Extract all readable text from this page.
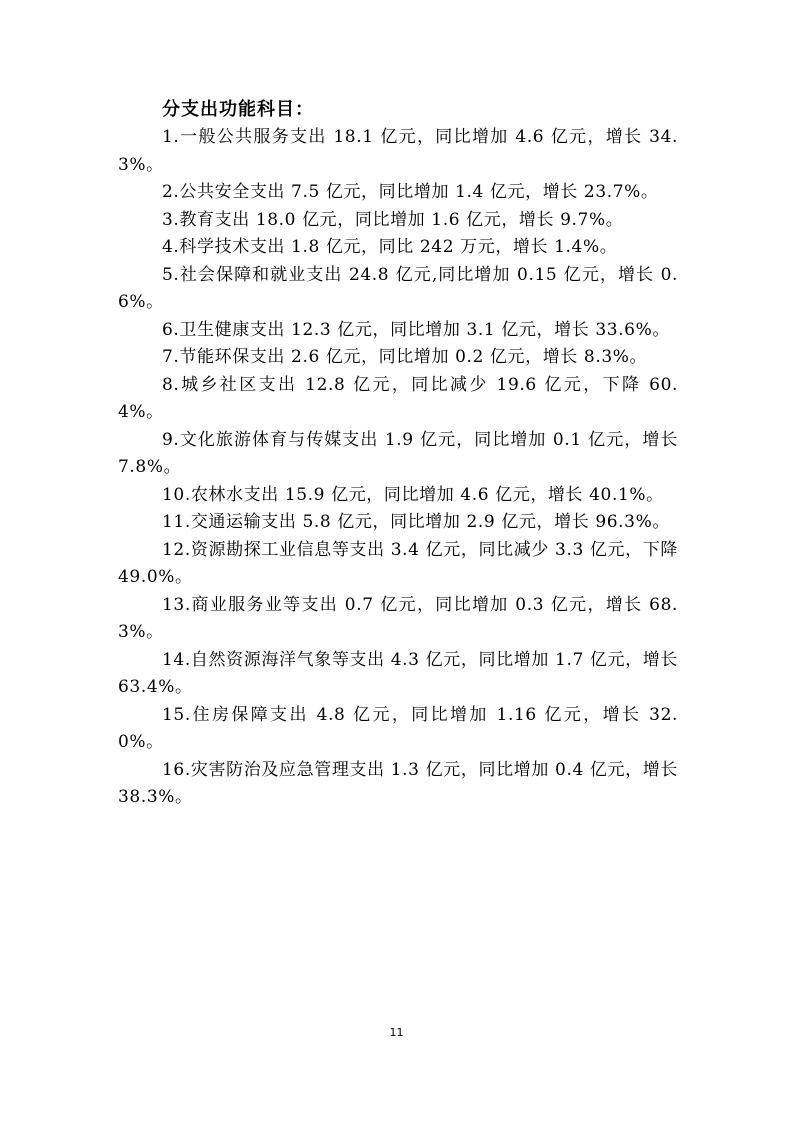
分支出功能科目：

1.一般公共服务支出 18.1 亿元，同比增加 4.6 亿元，增长 34.3%。

2.公共安全支出 7.5 亿元，同比增加 1.4 亿元，增长 23.7%。

3.教育支出 18.0 亿元，同比增加 1.6 亿元，增长 9.7%。

4.科学技术支出 1.8 亿元，同比 242 万元，增长 1.4%。

5.社会保障和就业支出 24.8 亿元,同比增加 0.15 亿元，增长 0.6%。

6.卫生健康支出 12.3 亿元，同比增加 3.1 亿元，增长 33.6%。

7.节能环保支出 2.6 亿元，同比增加 0.2 亿元，增长 8.3%。

8.城乡社区支出 12.8 亿元，同比减少 19.6 亿元，下降 60.4%。

9.文化旅游体育与传媒支出 1.9 亿元，同比增加 0.1 亿元，增长 7.8%。

10.农林水支出 15.9 亿元，同比增加 4.6 亿元，增长 40.1%。

11.交通运输支出 5.8 亿元，同比增加 2.9 亿元，增长 96.3%。

12.资源勘探工业信息等支出 3.4 亿元，同比减少 3.3 亿元，下降 49.0%。

13.商业服务业等支出 0.7 亿元，同比增加 0.3 亿元，增长 68.3%。

14.自然资源海洋气象等支出 4.3 亿元，同比增加 1.7 亿元，增长 63.4%。

15.住房保障支出 4.8 亿元，同比增加 1.16 亿元，增长 32.0%。

16.灾害防治及应急管理支出 1.3 亿元，同比增加 0.4 亿元，增长 38.3%。

11
